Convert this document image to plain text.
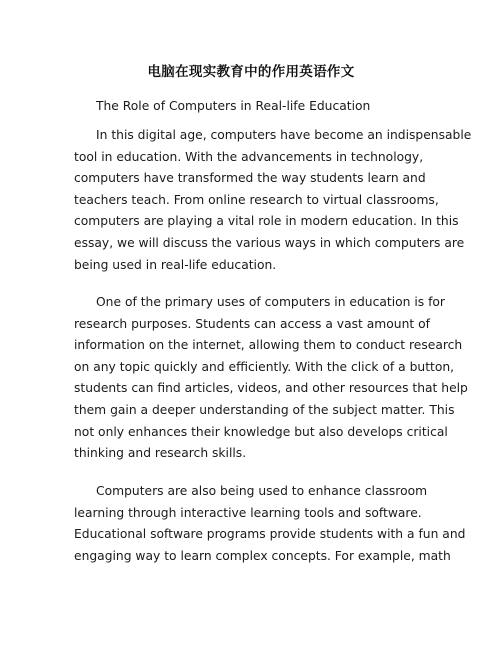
电脑在现实教育中的作用英语作文
The Role of Computers in Real-life Education
In this digital age, computers have become an indispensable
tool in education. With the advancements in technology,
computers have transformed the way students learn and
teachers teach. From online research to virtual classrooms,
computers are playing a vital role in modern education. In this
essay, we will discuss the various ways in which computers are
being used in real-life education.
One of the primary uses of computers in education is for
research purposes. Students can access a vast amount of
information on the internet, allowing them to conduct research
on any topic quickly and efficiently. With the click of a button,
students can find articles, videos, and other resources that help
them gain a deeper understanding of the subject matter. This
not only enhances their knowledge but also develops critical
thinking and research skills.
Computers are also being used to enhance classroom
learning through interactive learning tools and software.
Educational software programs provide students with a fun and
engaging way to learn complex concepts. For example, math
